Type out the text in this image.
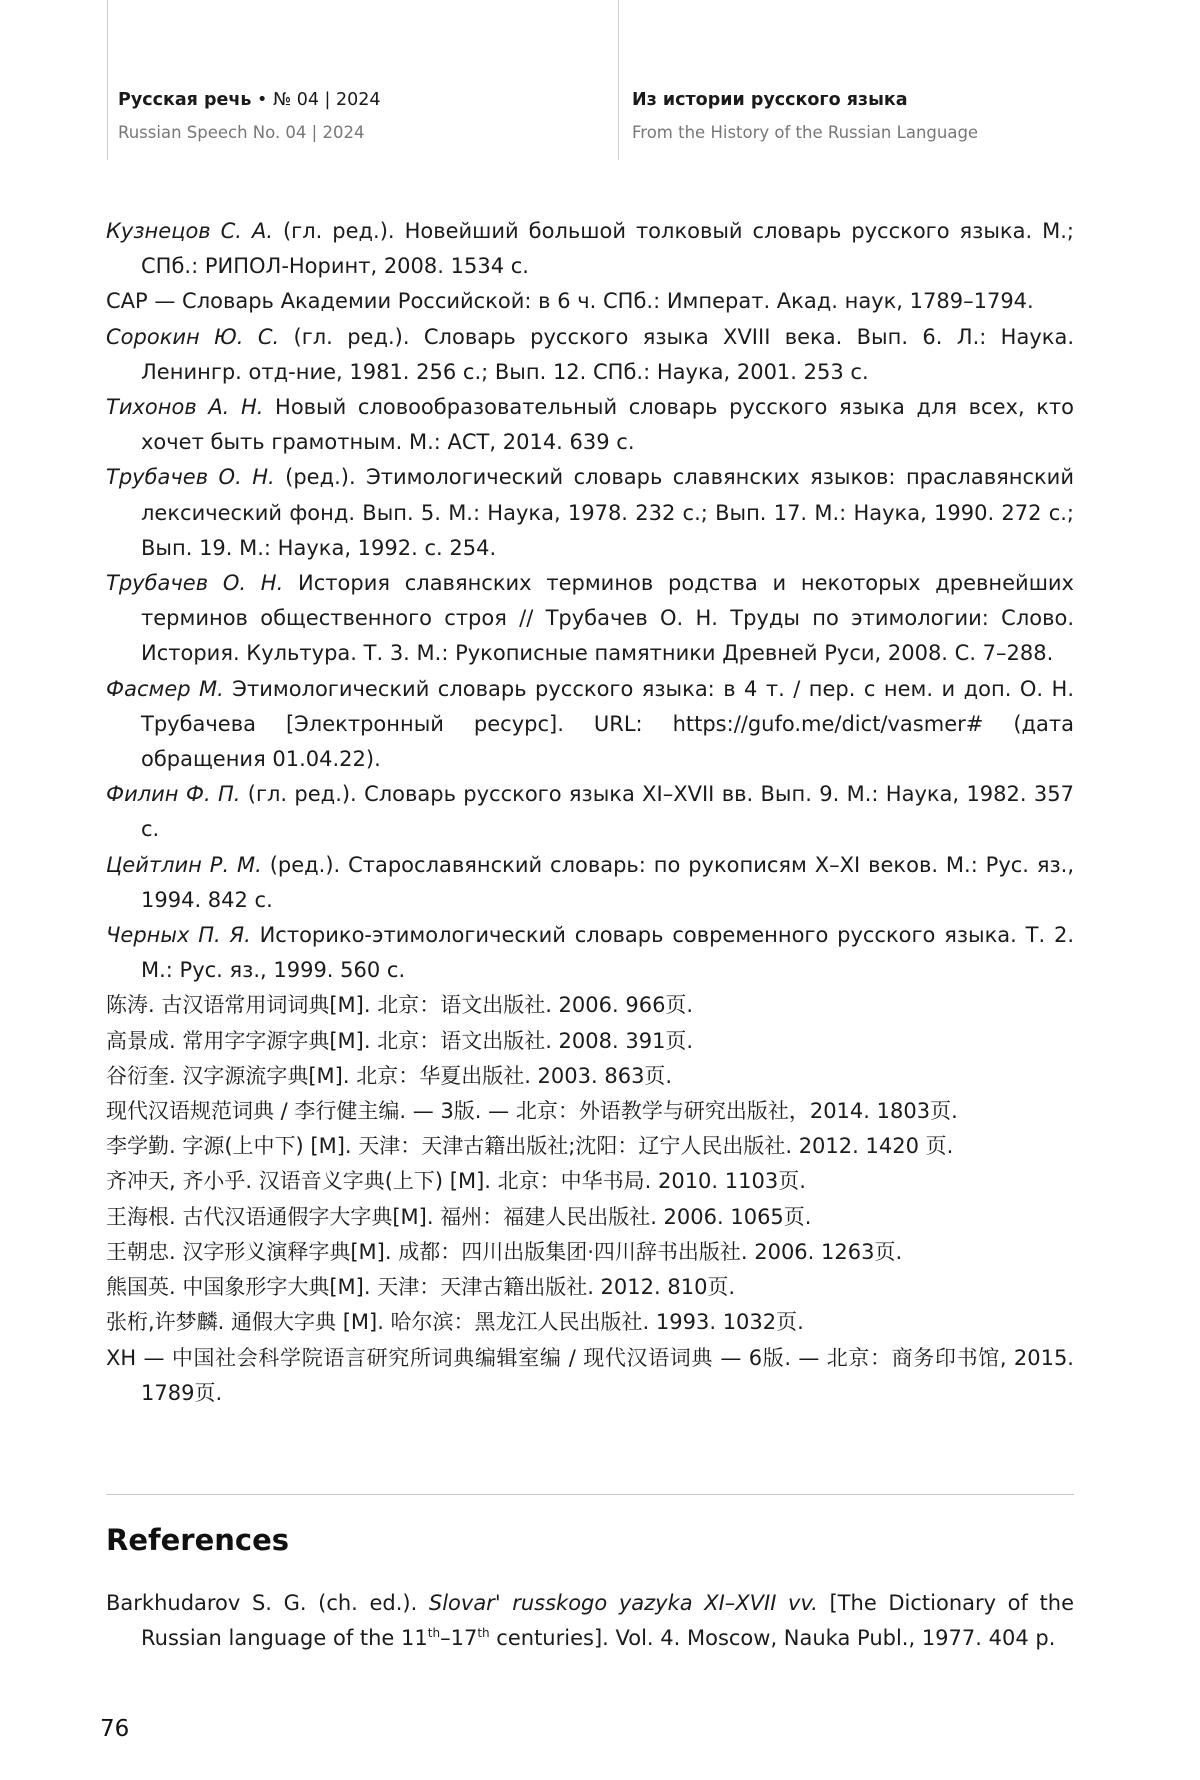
Русская речь • № 04 | 2024
Russian Speech No. 04 | 2024
Из истории русского языка
From the History of the Russian Language
Кузнецов С. А. (гл. ред.). Новейший большой толковый словарь русского языка. М.; СПб.: РИПОЛ-Норинт, 2008. 1534 с.
САР — Словарь Академии Российской: в 6 ч. СПб.: Императ. Акад. наук, 1789–1794.
Сорокин Ю. С. (гл. ред.). Словарь русского языка XVIII века. Вып. 6. Л.: Наука. Ленингр. отд-ние, 1981. 256 с.; Вып. 12. СПб.: Наука, 2001. 253 с.
Тихонов А. Н. Новый словообразовательный словарь русского языка для всех, кто хочет быть грамотным. М.: АСТ, 2014. 639 с.
Трубачев О. Н. (ред.). Этимологический словарь славянских языков: праславянский лексический фонд. Вып. 5. М.: Наука, 1978. 232 с.; Вып. 17. М.: Наука, 1990. 272 с.; Вып. 19. М.: Наука, 1992. с. 254.
Трубачев О. Н. История славянских терминов родства и некоторых древнейших терминов общественного строя // Трубачев О. Н. Труды по этимологии: Слово. История. Культура. Т. 3. М.: Рукописные памятники Древней Руси, 2008. С. 7–288.
Фасмер М. Этимологический словарь русского языка: в 4 т. / пер. с нем. и доп. О. Н. Трубачева [Электронный ресурс]. URL: https://gufo.me/dict/vasmer# (дата обращения 01.04.22).
Филин Ф. П. (гл. ред.). Словарь русского языка XI–XVII вв. Вып. 9. М.: Наука, 1982. 357 с.
Цейтлин Р. М. (ред.). Старославянский словарь: по рукописям X–XI веков. М.: Рус. яз., 1994. 842 с.
Черных П. Я. Историко-этимологический словарь современного русского языка. Т. 2. М.: Рус. яз., 1999. 560 с.
陈涛. 古汉语常用词词典[M]. 北京：语文出版社. 2006. 966页.
高景成. 常用字字源字典[M]. 北京：语文出版社. 2008. 391页.
谷衍奎. 汉字源流字典[M]. 北京：华夏出版社. 2003. 863页.
现代汉语规范词典 / 李行健主编. — 3版. — 北京：外语教学与研究出版社，2014. 1803页.
李学勤. 字源(上中下) [M]. 天津：天津古籍出版社;沈阳：辽宁人民出版社. 2012. 1420 页.
齐冲天, 齐小乎. 汉语音义字典(上下) [M]. 北京：中华书局. 2010. 1103页.
王海根. 古代汉语通假字大字典[M]. 福州：福建人民出版社. 2006. 1065页.
王朝忠. 汉字形义演释字典[M]. 成都：四川出版集团·四川辞书出版社. 2006. 1263页.
熊国英. 中国象形字大典[M]. 天津：天津古籍出版社. 2012. 810页.
张桁,许梦麟. 通假大字典 [M]. 哈尔滨：黑龙江人民出版社. 1993. 1032页.
XH — 中国社会科学院语言研究所词典编辑室编 / 现代汉语词典 — 6版. — 北京：商务印书馆, 2015. 1789页.
References
Barkhudarov S. G. (ch. ed.). Slovar' russkogo yazyka XI–XVII vv. [The Dictionary of the Russian language of the 11th–17th centuries]. Vol. 4. Moscow, Nauka Publ., 1977. 404 p.
76
